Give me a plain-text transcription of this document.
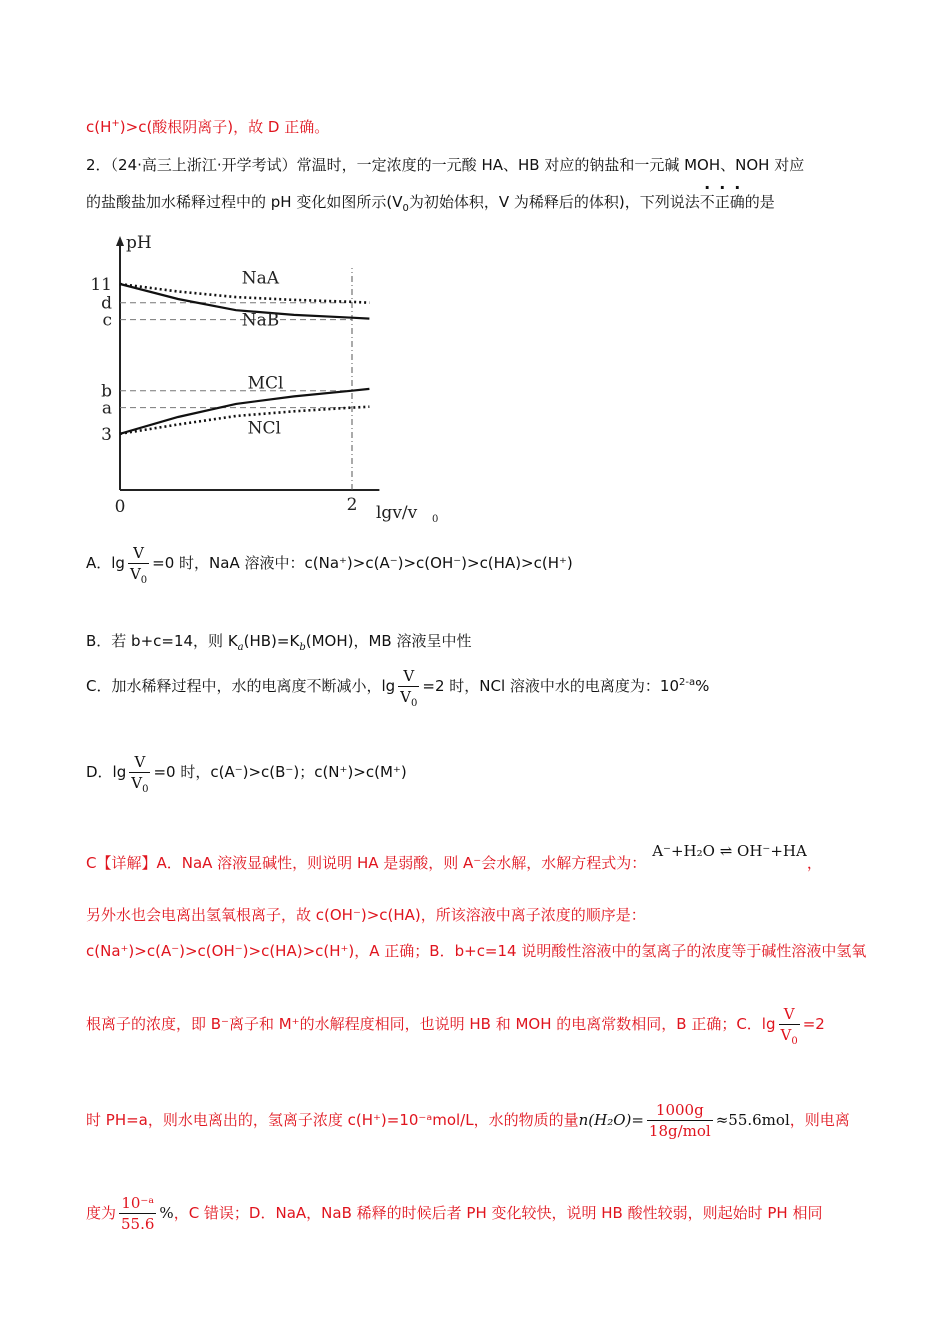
c(H+)>c(酸根阴离子)，故 D 正确。
2．（24·高三上浙江·开学考试）常温时，一定浓度的一元酸 HA、HB 对应的钠盐和一元碱 MOH、NOH 对应
的盐酸盐加水稀释过程中的 pH 变化如图所示($V_0$为初始体积，V 为稀释后的体积)，下列说法不正确的是
pH
11
d
c
b
a
3
0	2 lgv/v 0
NaA
NaB
MCl
NCl
A．$\lg \frac{V}{V_0} =0$ 时，NaA 溶液中：c(Na⁺)>c(A⁻)>c(OH⁻)>c(HA)>c(H⁺)
B．若 b+c=14，则 $K_a(HB)=K_b(MOH)$，MB 溶液呈中性
C．加水稀释过程中，水的电离度不断减小，$\lg \frac{V}{V_0} =2$ 时，NCl 溶液中水的电离度为：10$^{2-a}$%
D．$\lg \frac{V}{V_0} =0$ 时，c(A⁻)>c(B⁻)；c(N⁺)>c(M⁺)
C【详解】A．NaA 溶液显碱性，则说明 HA 是弱酸，则 A⁻会水解，水解方程式为：A⁻+H₂O ⇌ OH⁻+HA，
另外水也会电离出氢氧根离子，故 c(OH⁻)>c(HA)，所该溶液中离子浓度的顺序是：
c(Na⁺)>c(A⁻)>c(OH⁻)>c(HA)>c(H⁺)，A 正确；B．b+c=14 说明酸性溶液中的氢离子的浓度等于碱性溶液中氢氧
根离子的浓度，即 B⁻离子和 M⁺的水解程度相同，也说明 HB 和 MOH 的电离常数相同，B 正确；C．$\lg \frac{V}{V_0} =2$
时 PH=a，则水电离出的，氢离子浓度 c(H⁺)=10⁻ᵃmol/L，水的物质的量$n(H_2O)= \frac{1000g}{\text{18g/mol}} \approx 55.6mol$，则电离
度为 $\frac{\text{10⁻ᵃ}}{55.6}$ %，C 错误；D．NaA，NaB 稀释的时候后者 PH 变化较快，说明 HB 酸性较弱，则起始时 PH 相同
